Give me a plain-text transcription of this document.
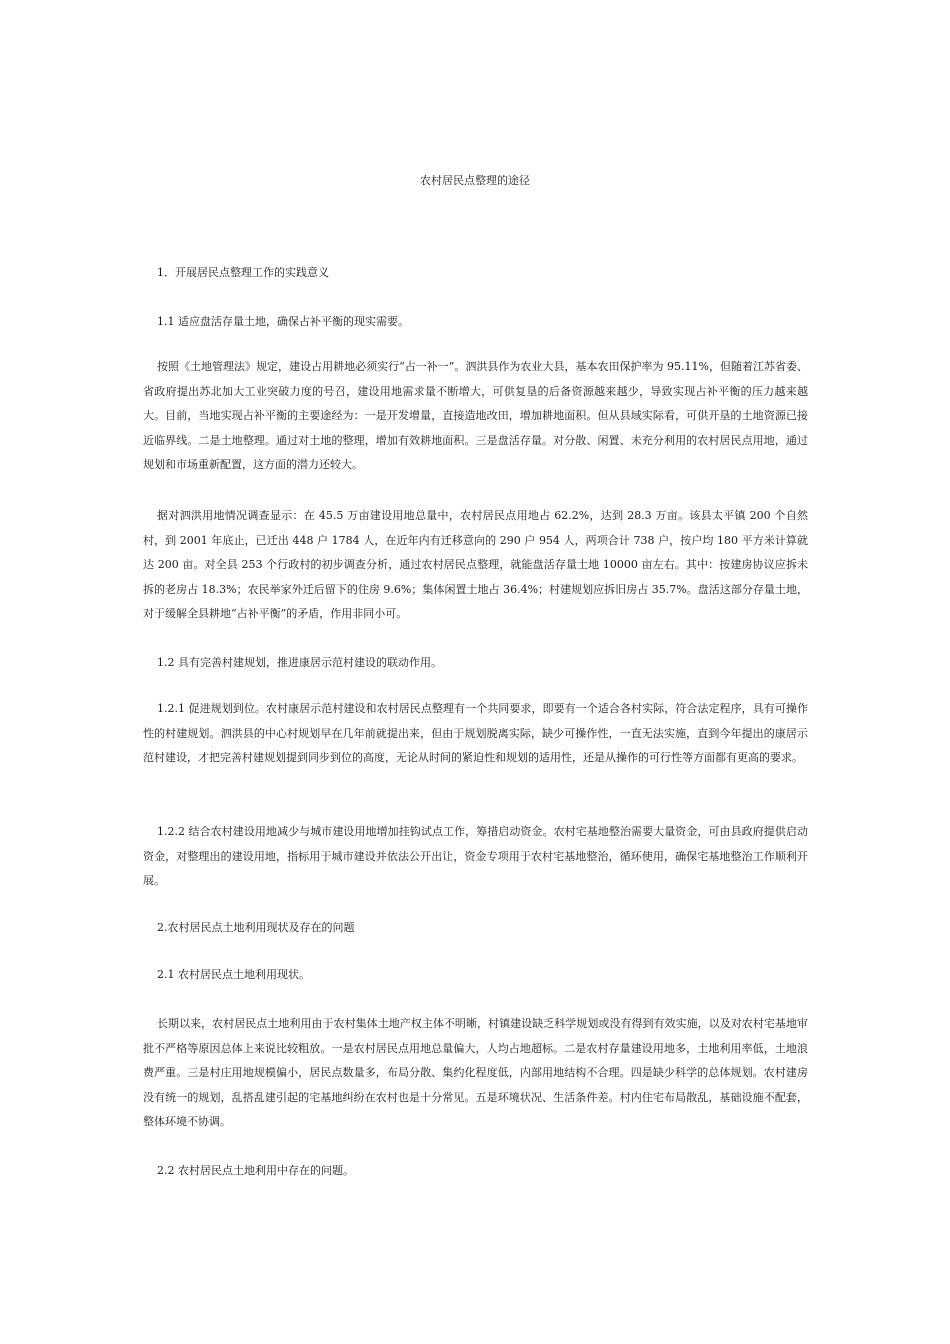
农村居民点整理的途径

1．开展居民点整理工作的实践意义

1.1 适应盘活存量土地，确保占补平衡的现实需要。

按照《土地管理法》规定，建设占用耕地必须实行“占一补一”。泗洪县作为农业大县，基本农田保护率为 95.11%，但随着江苏省委、省政府提出苏北加大工业突破力度的号召，建设用地需求量不断增大，可供复垦的后备资源越来越少，导致实现占补平衡的压力越来越大。目前，当地实现占补平衡的主要途经为：一是开发增量，直接造地改田，增加耕地面积。但从县域实际看，可供开垦的土地资源已接近临界线。二是土地整理。通过对土地的整理，增加有效耕地面积。三是盘活存量。对分散、闲置、未充分利用的农村居民点用地，通过规划和市场重新配置，这方面的潜力还较大。

据对泗洪用地情况调查显示：在 45.5 万亩建设用地总量中，农村居民点用地占 62.2%，达到 28.3 万亩。该县太平镇 200 个自然村，到 2001 年底止，已迁出 448 户 1784 人，在近年内有迁移意向的 290 户 954 人，两项合计 738 户，按户均 180 平方米计算就达 200 亩。对全县 253 个行政村的初步调查分析，通过农村居民点整理，就能盘活存量土地 10000 亩左右。其中：按建房协议应拆未拆的老房占 18.3%；农民举家外迁后留下的住房 9.6%；集体闲置土地占 36.4%；村建规划应拆旧房占 35.7%。盘活这部分存量土地，对于缓解全县耕地“占补平衡”的矛盾，作用非同小可。

1.2 具有完善村建规划，推进康居示范村建设的联动作用。

1.2.1 促进规划到位。农村康居示范村建设和农村居民点整理有一个共同要求，即要有一个适合各村实际，符合法定程序，具有可操作性的村建规划。泗洪县的中心村规划早在几年前就提出来，但由于规划脱离实际，缺少可操作性，一直无法实施，直到今年提出的康居示范村建设，才把完善村建规划提到同步到位的高度，无论从时间的紧迫性和规划的适用性，还是从操作的可行性等方面都有更高的要求。

1.2.2 结合农村建设用地减少与城市建设用地增加挂钩试点工作，筹措启动资金。农村宅基地整治需要大量资金，可由县政府提供启动资金，对整理出的建设用地，指标用于城市建设并依法公开出让，资金专项用于农村宅基地整治，循环使用，确保宅基地整治工作顺利开展。

2.农村居民点土地利用现状及存在的问题

2.1 农村居民点土地利用现状。

长期以来，农村居民点土地利用由于农村集体土地产权主体不明晰，村镇建设缺乏科学规划或没有得到有效实施，以及对农村宅基地审批不严格等原因总体上来说比较粗放。一是农村居民点用地总量偏大，人均占地超标。二是农村存量建设用地多，土地利用率低，土地浪费严重。三是村庄用地规模偏小，居民点数量多，布局分散、集约化程度低，内部用地结构不合理。四是缺少科学的总体规划。农村建房没有统一的规划，乱搭乱建引起的宅基地纠纷在农村也是十分常见。五是环境状况、生活条件差。村内住宅布局散乱，基础设施不配套，整体环境不协调。

2.2 农村居民点土地利用中存在的问题。
